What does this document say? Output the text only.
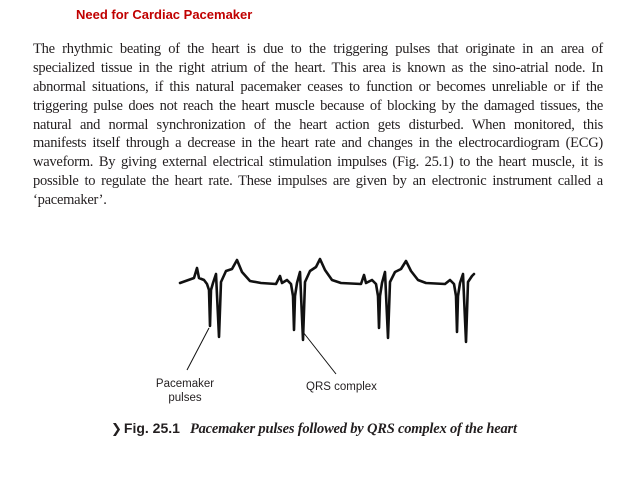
Need for Cardiac Pacemaker
The rhythmic beating of the heart is due to the triggering pulses that originate in an area of
specialized tissue in the right atrium of the heart. This area is known as the sino-atrial node. In
abnormal situations, if this natural pacemaker ceases to function or becomes unreliable or if the
triggering pulse does not reach the heart muscle because of blocking by the damaged tissues, the
natural and normal synchronization of the heart action gets disturbed. When monitored, this
manifests itself through a decrease in the heart rate and changes in the electrocardiogram (ECG)
waveform. By giving external electrical stimulation impulses (Fig. 25.1) to the heart muscle, it is
possible to regulate the heart rate. These impulses are given by an electronic instrument called a
‘pacemaker’.
Pacemaker
pulses
QRS complex
❯ Fig. 25.1 Pacemaker pulses followed by QRS complex of the heart
